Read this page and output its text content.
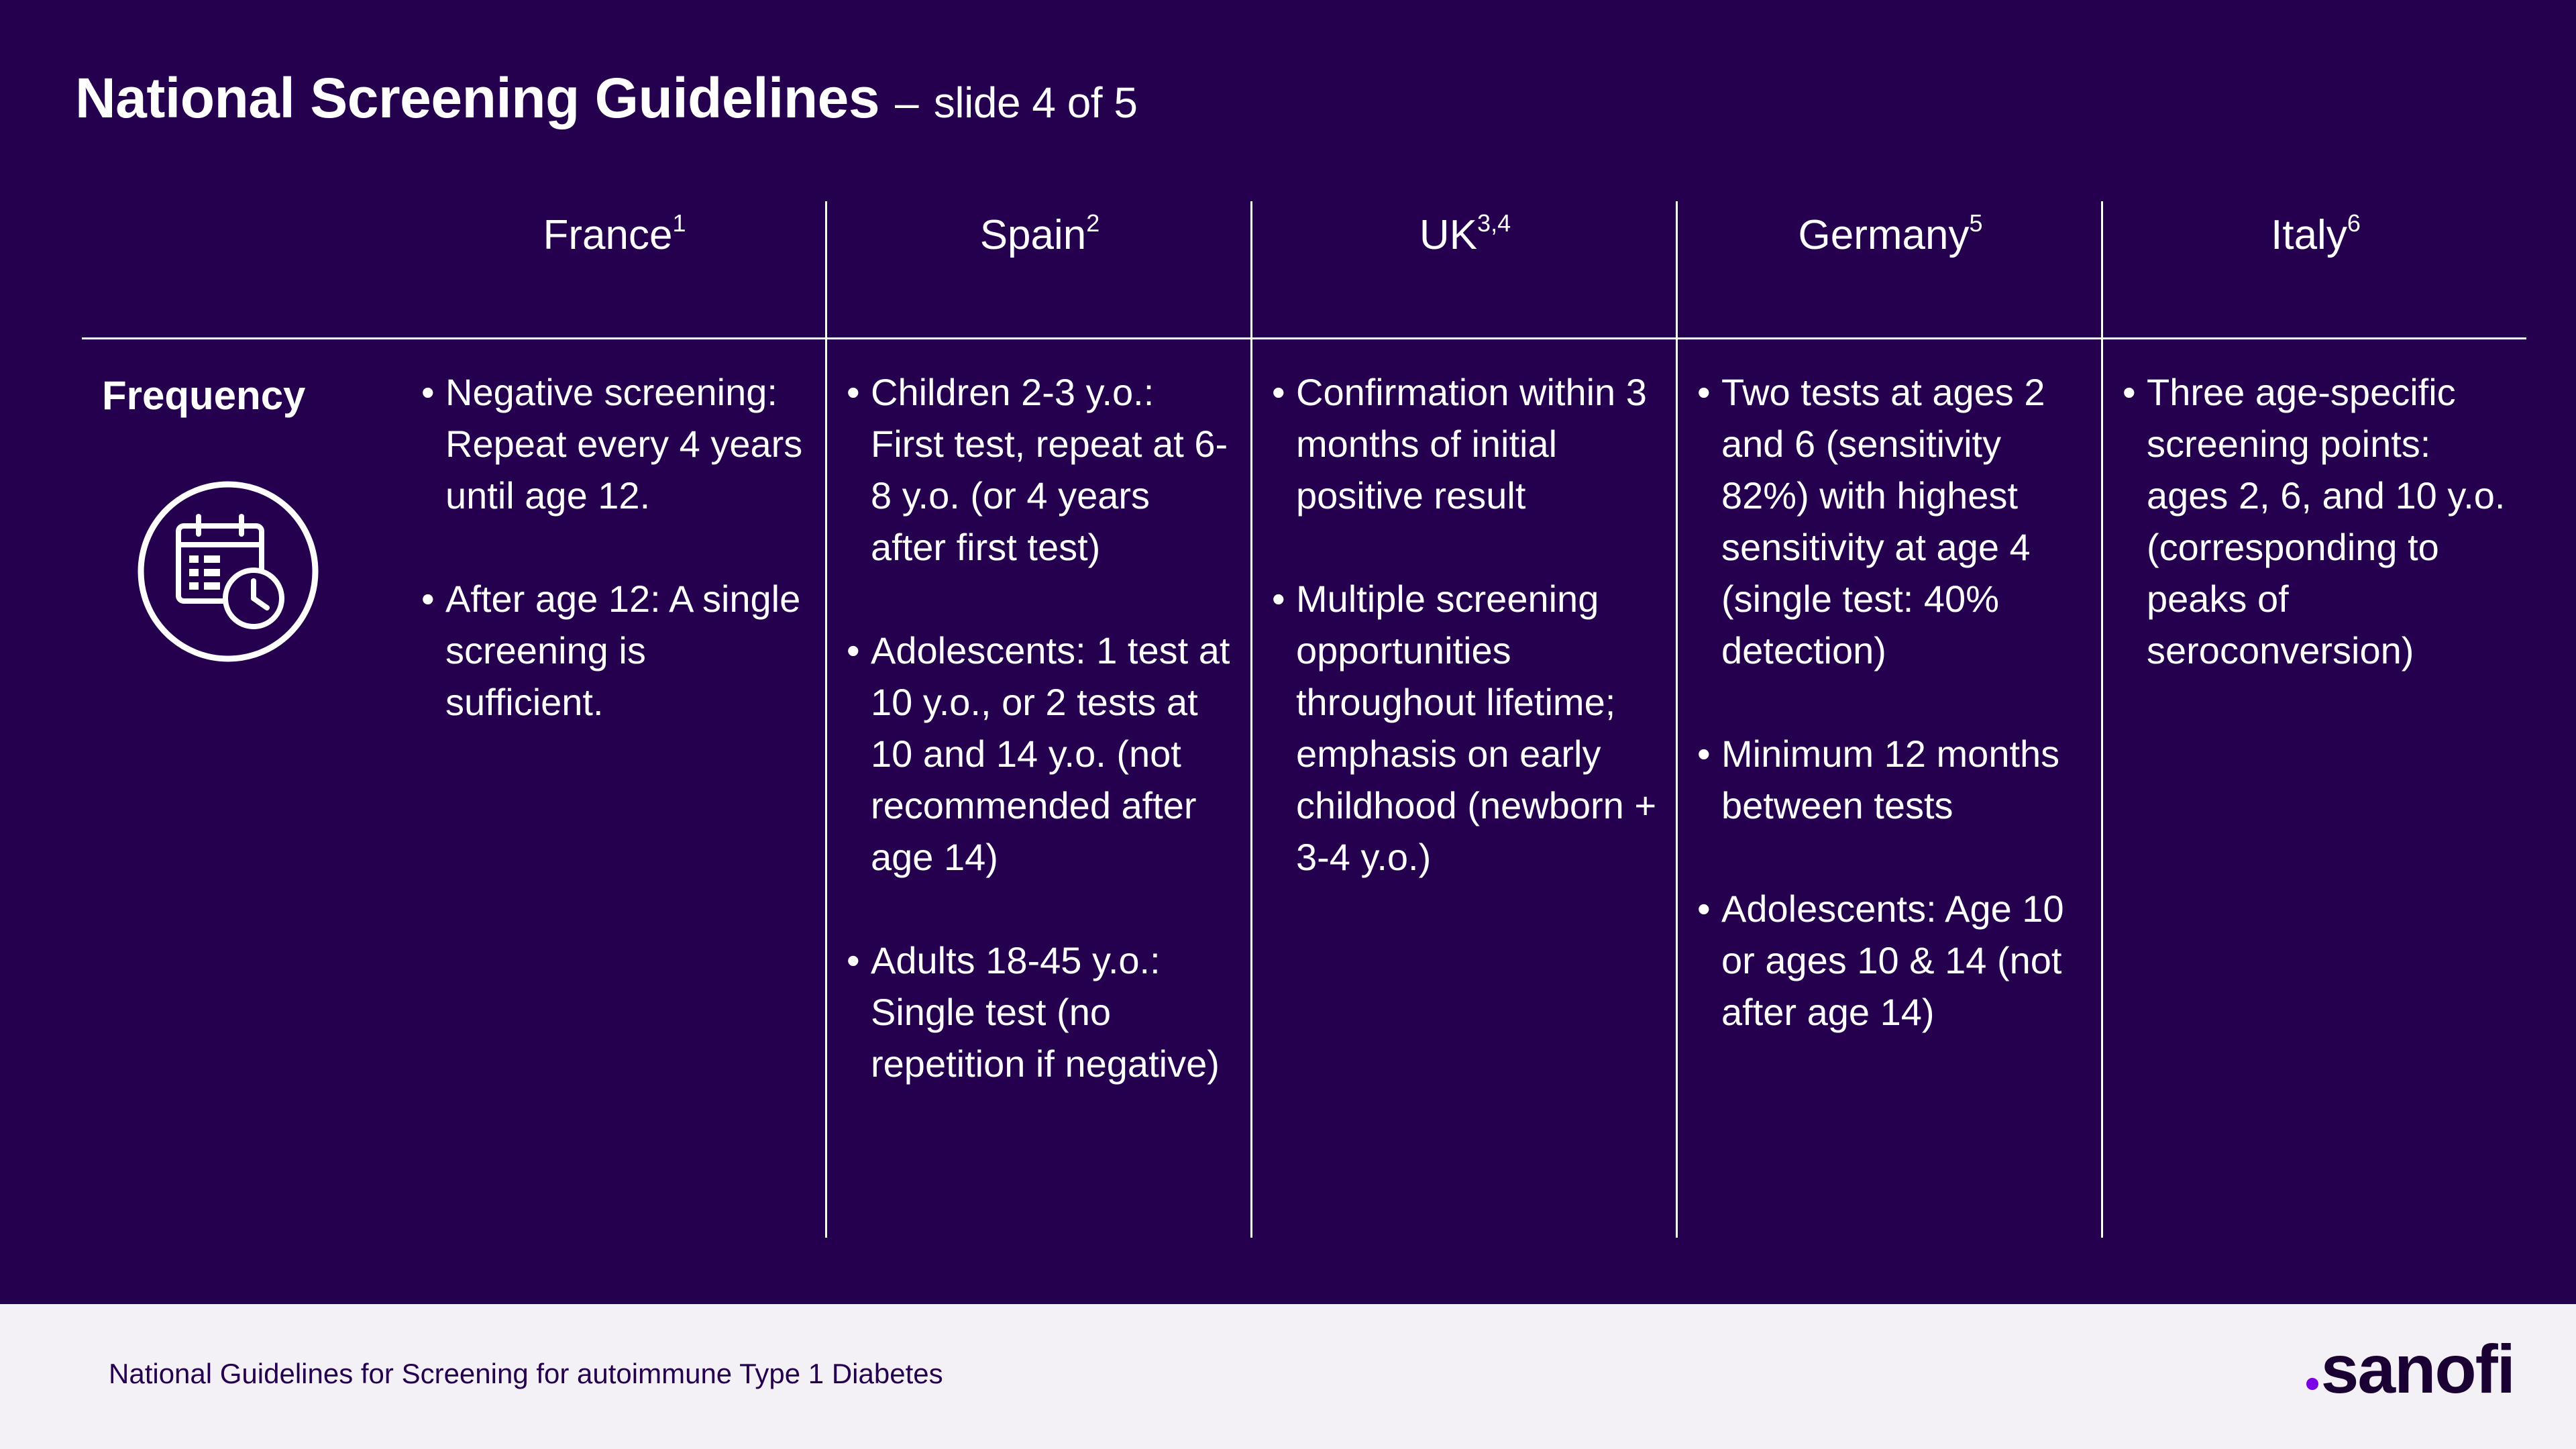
National Screening Guidelines – slide 4 of 5
France$^1$	Spain$^2$	UK$^{3,4}$	Germany$^5$	Italy$^6$
Frequency
•	Negative screening: Repeat every 4 years until age 12.
• After age 12: A single screening is sufficient.
• Children 2-3 y.o.: First test, repeat at 6-8 y.o. (or 4 years after first test)
• Adolescents: 1 test at 10 y.o., or 2 tests at 10 and 14 y.o. (not recommended after age 14)
• Adults 18-45 y.o.: Single test (no repetition if negative)
• Confirmation within 3 months of initial positive result
• Multiple screening opportunities throughout lifetime; emphasis on early childhood (newborn + 3-4 y.o.)
• Two tests at ages 2 and 6 (sensitivity 82%) with highest sensitivity at age 4 (single test: 40% detection)
• Minimum 12 months between tests
• Adolescents: Age 10 or ages 10 & 14 (not after age 14)
• Three age-specific screening points: ages 2, 6, and 10 y.o. (corresponding to peaks of seroconversion)
National Guidelines for Screening for autoimmune Type 1 Diabetes	sanofi
